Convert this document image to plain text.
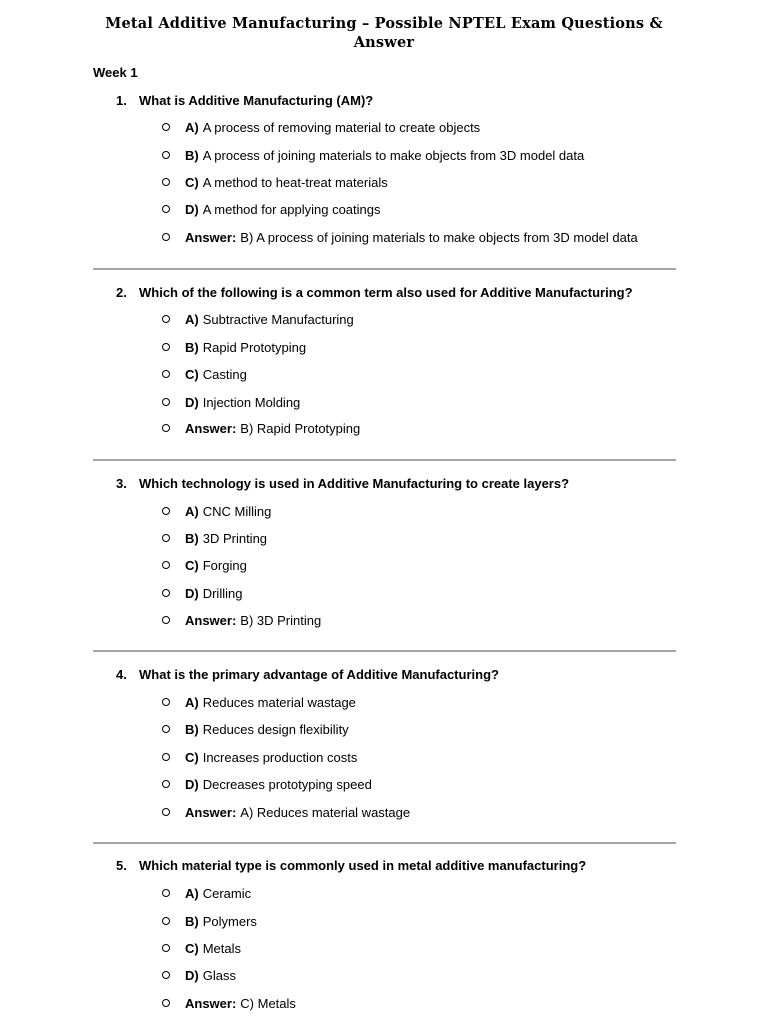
Metal Additive Manufacturing – Possible NPTEL Exam Questions &
Answer
Week 1
1. What is Additive Manufacturing (AM)?
A) A process of removing material to create objects
B) A process of joining materials to make objects from 3D model data
C) A method to heat-treat materials
D) A method for applying coatings
Answer: B) A process of joining materials to make objects from 3D model data
2. Which of the following is a common term also used for Additive Manufacturing?
A) Subtractive Manufacturing
B) Rapid Prototyping
C) Casting
D) Injection Molding
Answer: B) Rapid Prototyping
3. Which technology is used in Additive Manufacturing to create layers?
A) CNC Milling
B) 3D Printing
C) Forging
D) Drilling
Answer: B) 3D Printing
4. What is the primary advantage of Additive Manufacturing?
A) Reduces material wastage
B) Reduces design flexibility
C) Increases production costs
D) Decreases prototyping speed
Answer: A) Reduces material wastage
5. Which material type is commonly used in metal additive manufacturing?
A) Ceramic
B) Polymers
C) Metals
D) Glass
Answer: C) Metals
